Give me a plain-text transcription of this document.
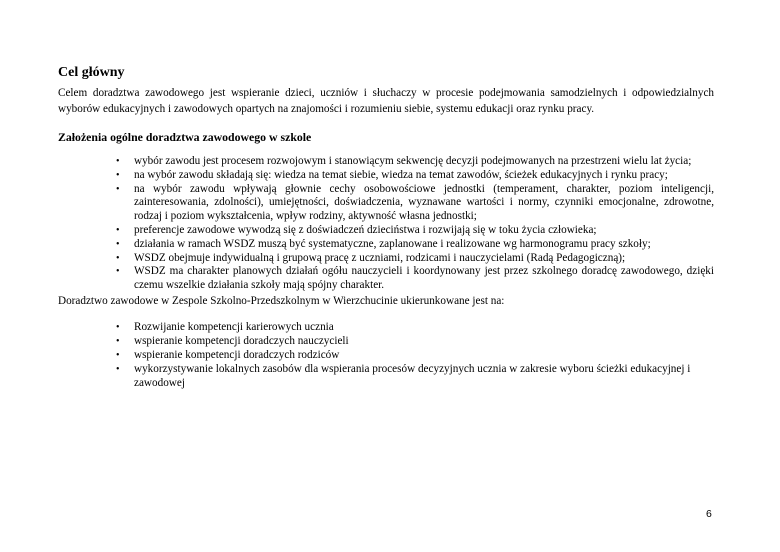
Cel główny

Celem doradztwa zawodowego jest wspieranie dzieci, uczniów i słuchaczy w procesie podejmowania samodzielnych i odpowiedzialnych wyborów edukacyjnych i zawodowych opartych na znajomości i rozumieniu siebie, systemu edukacji oraz rynku pracy.

Założenia ogólne doradztwa zawodowego w szkole
• wybór zawodu jest procesem rozwojowym i stanowiącym sekwencję decyzji podejmowanych na przestrzeni wielu lat życia;
• na wybór zawodu składają się: wiedza na temat siebie, wiedza na temat zawodów, ścieżek edukacyjnych i rynku pracy;
• na wybór zawodu wpływają głownie cechy osobowościowe jednostki (temperament, charakter, poziom inteligencji, zainteresowania, zdolności), umiejętności, doświadczenia, wyznawane wartości i normy, czynniki emocjonalne, zdrowotne, rodzaj i poziom wykształcenia, wpływ rodziny, aktywność własna jednostki;
• preferencje zawodowe wywodzą się z doświadczeń dzieciństwa i rozwijają się w toku życia człowieka;
• działania w ramach WSDZ muszą być systematyczne, zaplanowane i realizowane wg harmonogramu pracy szkoły;
• WSDZ obejmuje indywidualną i grupową pracę z uczniami, rodzicami i nauczycielami (Radą Pedagogiczną);
• WSDZ ma charakter planowych działań ogółu nauczycieli i koordynowany jest przez szkolnego doradcę zawodowego, dzięki czemu wszelkie działania szkoły mają spójny charakter.

Doradztwo zawodowe w Zespole Szkolno-Przedszkolnym w Wierzchucinie ukierunkowane jest na:

• Rozwijanie kompetencji karierowych ucznia
• wspieranie kompetencji doradczych nauczycieli
• wspieranie kompetencji doradczych rodziców
• wykorzystywanie lokalnych zasobów dla wspierania procesów decyzyjnych ucznia w zakresie wyboru ścieżki edukacyjnej i zawodowej

6
